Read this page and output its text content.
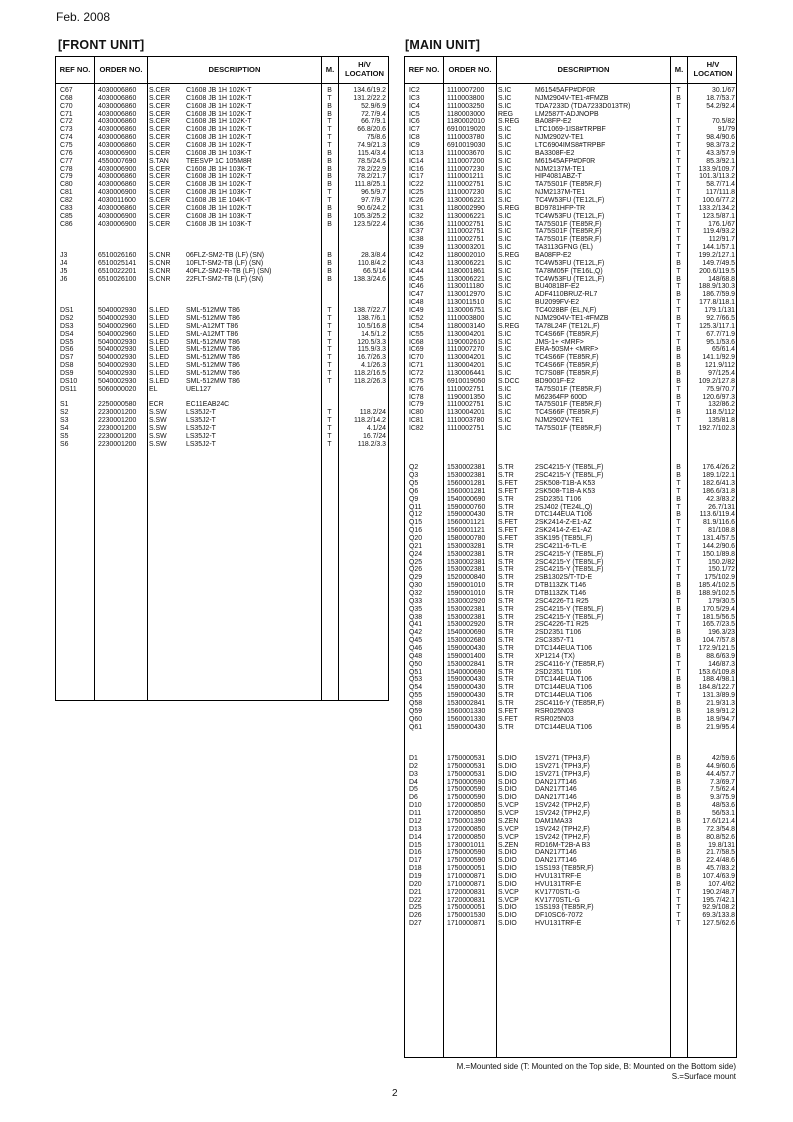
Feb. 2008
[FRONT UNIT]	[MAIN UNIT]
REF NO.	ORDER NO.	DESCRIPTION	M.	H/V LOCATION
C67	4030006860	S.CER	C1608 JB 1H 102K-T	B	134.6/19.2
C68	4030006860	S.CER	C1608 JB 1H 102K-T	T	131.2/22.2
C70	4030006860	S.CER	C1608 JB 1H 102K-T	B	52.9/6.9
C71	4030006860	S.CER	C1608 JB 1H 102K-T	B	72.7/9.4
C72	4030006860	S.CER	C1608 JB 1H 102K-T	T	66.7/9.1
C73	4030006860	S.CER	C1608 JB 1H 102K-T	T	66.8/20.6
C74	4030006860	S.CER	C1608 JB 1H 102K-T	T	75/8.6
C75	4030006860	S.CER	C1608 JB 1H 102K-T	T	74.9/21.3
C76	4030006900	S.CER	C1608 JB 1H 103K-T	B	115.4/3.4
C77	4550007690	S.TAN	TEESVP 1C 105M8R	B	78.5/24.5
C78	4030006900	S.CER	C1608 JB 1H 103K-T	B	78.2/22.9
C79	4030006860	S.CER	C1608 JB 1H 102K-T	B	78.2/21.7
C80	4030006860	S.CER	C1608 JB 1H 102K-T	B	111.8/25.1
C81	4030006900	S.CER	C1608 JB 1H 103K-T	T	96.5/9.7
C82	4030011600	S.CER	C1608 JB 1E 104K-T	T	97.7/9.7
C83	4030006860	S.CER	C1608 JB 1H 102K-T	B	90.6/24.2
C85	4030006900	S.CER	C1608 JB 1H 103K-T	B	105.3/25.2
C86	4030006900	S.CER	C1608 JB 1H 103K-T	B	123.5/22.4
J3	6510026160	S.CNR	06FLZ-SM2-TB (LF) (SN)	B	28.3/8.4
J4	6510025141	S.CNR	10FLT-SM2-TB (LF) (SN)	B	110.8/4.2
J5	6510022201	S.CNR	40FLZ-SM2-R-TB (LF) (SN)	B	66.5/14
J6	6510026100	S.CNR	22FLT-SM2-TB (LF) (SN)	B	138.3/24.6
DS1	5040002930	S.LED	SML-512MW T86	T	138.7/22.7
DS2	5040002930	S.LED	SML-512MW T86	T	138.7/6.1
DS3	5040002960	S.LED	SML-A12MT T86	T	10.5/16.8
DS4	5040002960	S.LED	SML-A12MT T86	T	14.5/1.2
DS5	5040002930	S.LED	SML-512MW T86	T	120.5/3.3
DS6	5040002930	S.LED	SML-512MW T86	T	115.9/3.3
DS7	5040002930	S.LED	SML-512MW T86	T	16.7/26.3
DS8	5040002930	S.LED	SML-512MW T86	T	4.1/26.3
DS9	5040002930	S.LED	SML-512MW T86	T	118.2/16.5
DS10	5040002930	S.LED	SML-512MW T86	T	118.2/26.3
DS11	5060000020	EL	UEL127
S1	2250000580	ECR	EC11EAB24C
S2	2230001200	S.SW	LS35J2-T	T	118.2/24
S3	2230001200	S.SW	LS35J2-T	T	118.2/14.2
S4	2230001200	S.SW	LS35J2-T	T	4.1/24
S5	2230001200	S.SW	LS35J2-T	T	16.7/24
S6	2230001200	S.SW	LS35J2-T	T	118.2/3.3
REF NO.	ORDER NO.	DESCRIPTION	M.	H/V LOCATION
IC2	1110007200	S.IC	M61545AFP#DF0R	T	30.1/67
IC3	1110003800	S.IC	NJM2904V-TE1-#FMZB	B	18.7/53.7
IC4	1110003250	S.IC	TDA7233D (TDA7233D013TR)	T	54.2/92.4
IC5	1180003000	REG	LM2587T-ADJNOPB
IC6	1180002010	S.REG	BA08FP-E2	T	70.5/82
IC7	6910019020	S.IC	LTC1069-1IS8#TRPBF	T	91/79
IC8	1110003780	S.IC	NJM2902V-TE1	T	98.4/90.6
IC9	6910019030	S.IC	LTC6904IMS8#TRPBF	T	98.3/73.2
IC13	1110003670	S.IC	BA3308F-E2	T	43.3/57.9
IC14	1110007200	S.IC	M61545AFP#DF0R	T	85.3/92.1
IC16	1110007230	S.IC	NJM2137M-TE1	T	133.9/109.7
IC17	1110001211	S.IC	HIP4081ABZ-T	T	101.3/113.2
IC22	1110002751	S.IC	TA75S01F (TE85R,F)	T	58.7/71.4
IC25	1110007230	S.IC	NJM2137M-TE1	T	117/111.8
IC26	1130006221	S.IC	TC4W53FU (TE12L,F)	T	100.6/77.2
IC31	1180002990	S.REG	BD9781HFP-TR	T	133.2/134.2
IC32	1130006221	S.IC	TC4W53FU (TE12L,F)	T	123.5/87.1
IC36	1110002751	S.IC	TA75S01F (TE85R,F)	T	176.1/67
IC37	1110002751	S.IC	TA75S01F (TE85R,F)	T	119.4/93.2
IC38	1110002751	S.IC	TA75S01F (TE85R,F)	T	112/91.7
IC39	1130003201	S.IC	TA3113GFNG (EL)	T	144.1/57.1
IC42	1180002010	S.REG	BA08FP-E2	T	199.2/127.1
IC43	1130006221	S.IC	TC4W53FU (TE12L,F)	B	149.7/49.5
IC44	1180001861	S.IC	TA78M05F (TE16L,Q)	T	200.6/119.5
IC45	1130006221	S.IC	TC4W53FU (TE12L,F)	B	148/68.8
IC46	1130011180	S.IC	BU4081BF-E2	T	188.9/130.3
IC47	1130012970	S.IC	ADF4110BRUZ-RL7	B	186.7/59.9
IC48	1130011510	S.IC	BU2099FV-E2	T	177.8/118.1
IC49	1130006751	S.IC	TC4028BF (EL,N,F)	T	179.1/131
IC52	1110003800	S.IC	NJM2904V-TE1-#FMZB	B	92.7/66.5
IC54	1180003140	S.REG	TA78L24F (TE12L,F)	T	125.3/117.1
IC55	1130004201	S.IC	TC4S66F (TE85R,F)	T	67.7/71.9
IC68	1190002610	S.IC	JMS-1+ <MRF>	T	95.1/53.6
IC69	1110007270	S.IC	ERA-50SM+ <MRF>	B	65/61.4
IC70	1130004201	S.IC	TC4S66F (TE85R,F)	B	141.1/92.9
IC71	1130004201	S.IC	TC4S66F (TE85R,F)	B	121.9/112
IC72	1130006441	S.IC	TC7S08F (TE85R,F)	B	97/125.4
IC75	6910019050	S.DCC	BD9001F-E2	B	109.2/127.8
IC76	1110002751	S.IC	TA75S01F (TE85R,F)	T	75.9/70.7
IC78	1190001350	S.IC	M62364FP 600D	B	120.6/97.3
IC79	1110002751	S.IC	TA75S01F (TE85R,F)	T	132/86.2
IC80	1130004201	S.IC	TC4S66F (TE85R,F)	B	118.5/112
IC81	1110003780	S.IC	NJM2902V-TE1	T	135/81.8
IC82	1110002751	S.IC	TA75S01F (TE85R,F)	T	192.7/102.3
Q2	1530002381	S.TR	2SC4215-Y (TE85L,F)	B	176.4/26.2
Q3	1530002381	S.TR	2SC4215-Y (TE85L,F)	B	189.1/22.1
Q5	1560001281	S.FET	2SK508-T1B-A K53	T	182.6/41.3
Q6	1560001281	S.FET	2SK508-T1B-A K53	T	186.6/31.8
Q9	1540000690	S.TR	2SD2351 T106	B	42.3/83.2
Q11	1590000760	S.TR	2SJ402 (TE24L,Q)	T	26.7/131
Q12	1590000430	S.TR	DTC144EUA T106	B	113.6/119.4
Q15	1560001121	S.FET	2SK2414-Z-E1-AZ	T	81.9/116.6
Q16	1560001121	S.FET	2SK2414-Z-E1-AZ	T	81/108.8
Q20	1580000780	S.FET	3SK195 (TE85L,F)	T	131.4/57.5
Q21	1530003281	S.TR	2SC4211-6-TL-E	T	144.2/90.6
Q24	1530002381	S.TR	2SC4215-Y (TE85L,F)	T	150.1/89.8
Q25	1530002381	S.TR	2SC4215-Y (TE85L,F)	T	150.2/82
Q26	1530002381	S.TR	2SC4215-Y (TE85L,F)	T	150.1/72
Q29	1520000840	S.TR	2SB1302S/T-TD-E	T	175/102.9
Q30	1590001010	S.TR	DTB113ZK T146	B	185.4/102.5
Q32	1590001010	S.TR	DTB113ZK T146	B	188.9/102.5
Q33	1530002920	S.TR	2SC4226-T1 R25	T	179/30.5
Q35	1530002381	S.TR	2SC4215-Y (TE85L,F)	B	170.5/29.4
Q38	1530002381	S.TR	2SC4215-Y (TE85L,F)	T	181.5/56.5
Q41	1530002920	S.TR	2SC4226-T1 R25	T	165.7/23.5
Q42	1540000690	S.TR	2SD2351 T106	B	196.3/23
Q45	1530002680	S.TR	2SC3357-T1	B	104.7/57.8
Q46	1590000430	S.TR	DTC144EUA T106	T	172.9/121.5
Q48	1590001400	S.TR	XP1214 (TX)	B	88.6/63.9
Q50	1530002841	S.TR	2SC4116-Y (TE85R,F)	T	146/87.3
Q51	1540000690	S.TR	2SD2351 T106	T	153.6/109.8
Q53	1590000430	S.TR	DTC144EUA T106	B	188.4/98.1
Q54	1590000430	S.TR	DTC144EUA T106	B	184.8/122.7
Q55	1590000430	S.TR	DTC144EUA T106	T	131.3/89.9
Q58	1530002841	S.TR	2SC4116-Y (TE85R,F)	B	21.9/31.3
Q59	1560001330	S.FET	RSR025N03	B	18.9/91.2
Q60	1560001330	S.FET	RSR025N03	B	18.9/94.7
Q61	1590000430	S.TR	DTC144EUA T106	B	21.9/95.4
D1	1750000531	S.DIO	1SV271 (TPH3,F)	B	42/59.6
D2	1750000531	S.DIO	1SV271 (TPH3,F)	B	44.9/60.6
D3	1750000531	S.DIO	1SV271 (TPH3,F)	B	44.4/57.7
D4	1750000590	S.DIO	DAN217T146	B	7.3/69.7
D5	1750000590	S.DIO	DAN217T146	B	7.5/62.4
D6	1750000590	S.DIO	DAN217T146	B	9.3/75.9
D10	1720000850	S.VCP	1SV242 (TPH2,F)	B	48/53.6
D11	1720000850	S.VCP	1SV242 (TPH2,F)	B	56/53.1
D12	1750001390	S.ZEN	DAM1MA33	B	17.6/121.4
D13	1720000850	S.VCP	1SV242 (TPH2,F)	B	72.3/54.8
D14	1720000850	S.VCP	1SV242 (TPH2,F)	B	80.8/52.6
D15	1730001011	S.ZEN	RD16M-T2B-A B3	B	19.8/131
D16	1750000590	S.DIO	DAN217T146	B	21.7/58.5
D17	1750000590	S.DIO	DAN217T146	B	22.4/48.6
D18	1750000051	S.DIO	1SS193 (TE85R,F)	B	45.7/83.2
D19	1710000871	S.DIO	HVU131TRF-E	B	107.4/63.9
D20	1710000871	S.DIO	HVU131TRF-E	B	107.4/62
D21	1720000831	S.VCP	KV1770STL-G	T	190.2/48.7
D22	1720000831	S.VCP	KV1770STL-G	T	195.7/42.1
D25	1750000051	S.DIO	1SS193 (TE85R,F)	T	92.9/108.2
D26	1750001530	S.DIO	DF10SC6-7072	T	69.3/133.8
D27	1710000871	S.DIO	HVU131TRF-E	T	127.5/62.6
M.=Mounted side (T: Mounted on the Top side, B: Mounted on the Bottom side)
S.=Surface mount
2
